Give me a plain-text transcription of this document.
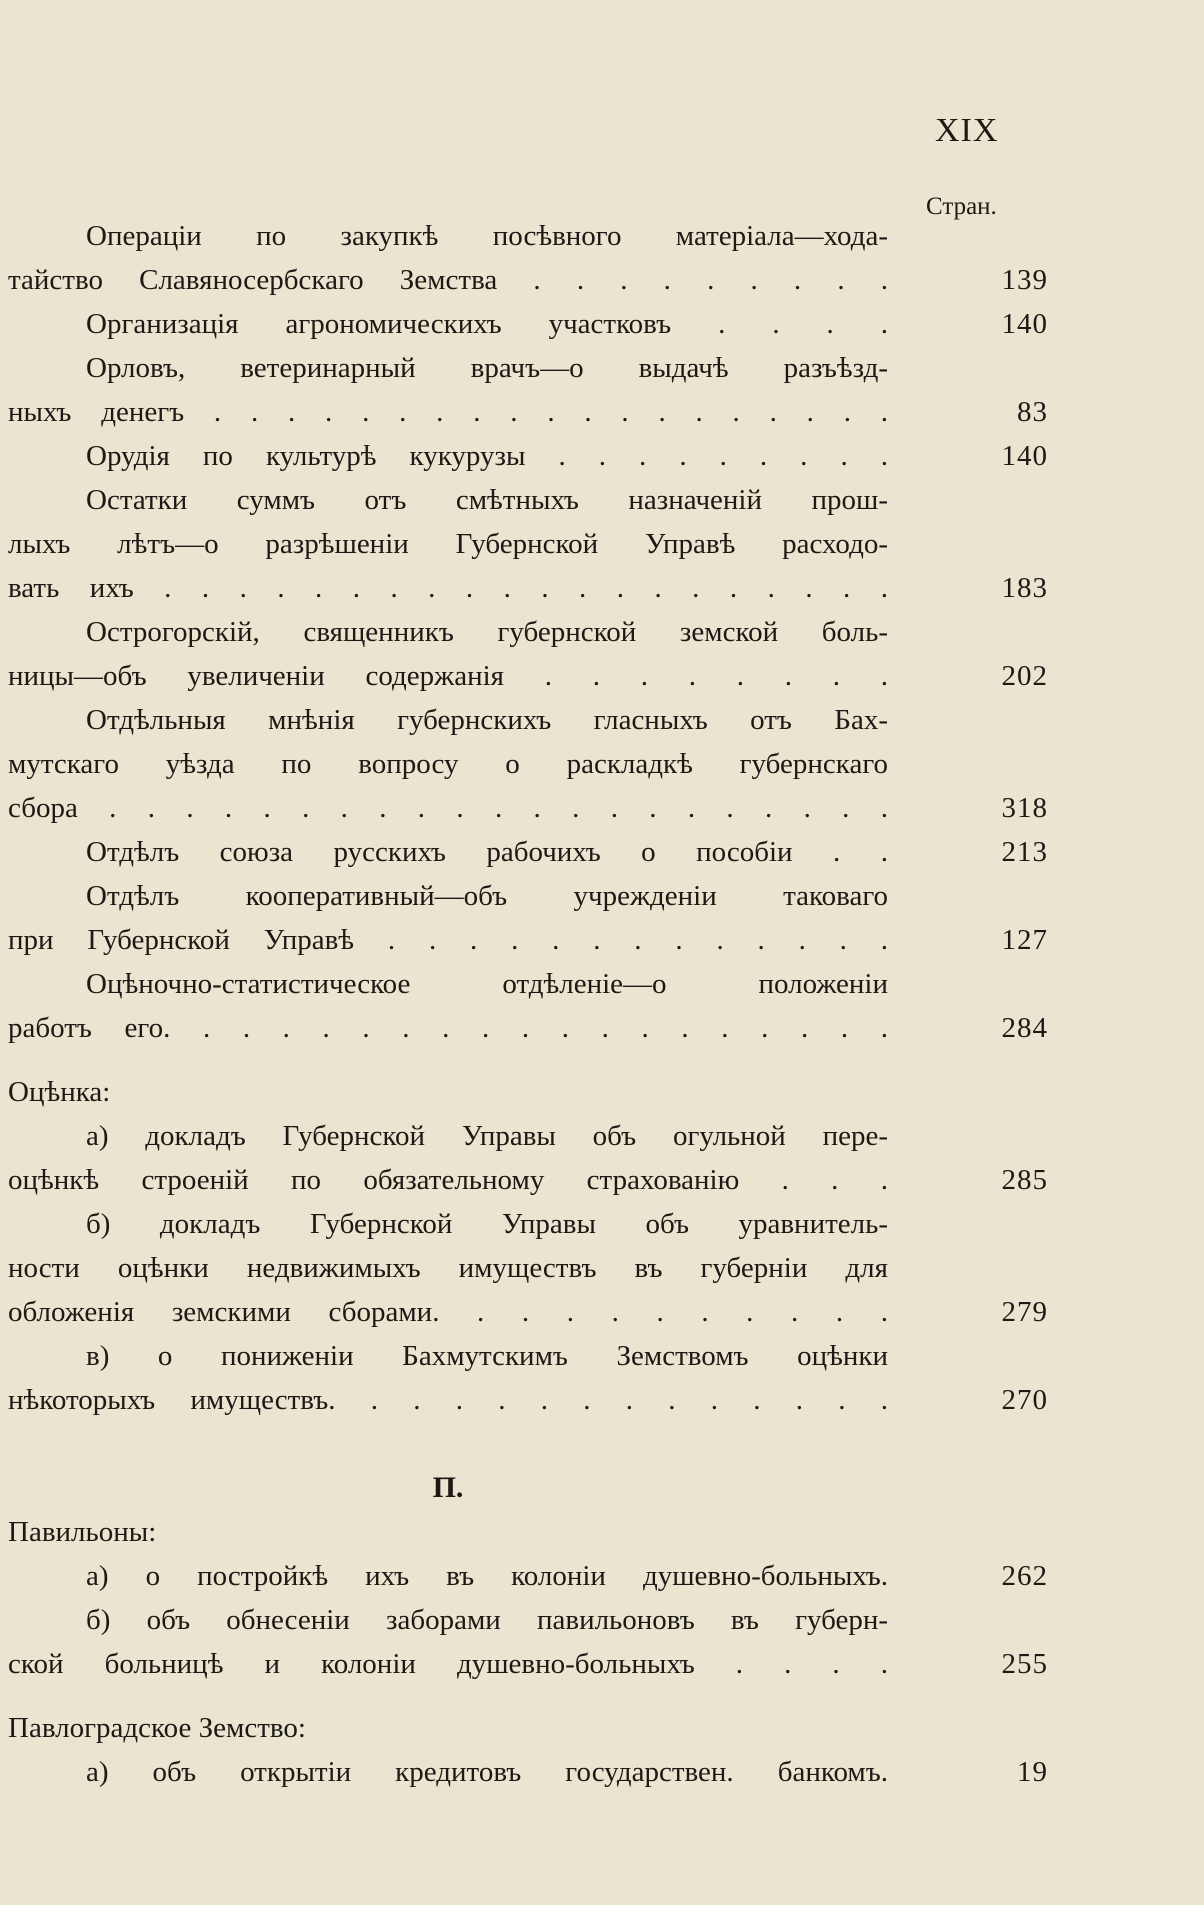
XIX
Стран.
Операціи по закупкѣ посѣвного матеріала—хода-
тайство Славяносербскаго Земства . . . . . . . . .	139
Организація агрономическихъ участковъ . . . .	140
Орловъ, ветеринарный врачъ—о выдачѣ разъѣзд-
ныхъ денегъ . . . . . . . . . . . . . . . . . . .	83
Орудія по культурѣ кукурузы . . . . . . . . .	140
Остатки суммъ отъ смѣтныхъ назначеній прош-
лыхъ лѣтъ—о разрѣшеніи Губернской Управѣ расходо-
вать ихъ . . . . . . . . . . . . . . . . . . . .	183
Острогорскій, священникъ губернской земской боль-
ницы—объ увеличеніи содержанія . . . . . . . .	202
Отдѣльныя мнѣнія губернскихъ гласныхъ отъ Бах-
мутскаго уѣзда по вопросу о раскладкѣ губернскаго
сбора . . . . . . . . . . . . . . . . . . . . .	318
Отдѣлъ союза русскихъ рабочихъ о пособіи . .	213
Отдѣлъ кооперативный—объ учрежденіи таковаго
при Губернской Управѣ . . . . . . . . . . . . .	127
Оцѣночно-статистическое отдѣленіе—о положеніи
работъ его. . . . . . . . . . . . . . . . . . .	284
Оцѣнка:
а) докладъ Губернской Управы объ огульной пере-
оцѣнкѣ строеній по обязательному страхованію . . .	285
б) докладъ Губернской Управы объ уравнитель-
ности оцѣнки недвижимыхъ имуществъ въ губерніи для
обложенія земскими сборами. . . . . . . . . . .	279
в) о пониженіи Бахмутскимъ Земствомъ оцѣнки
нѣкоторыхъ имуществъ. . . . . . . . . . . . . .	270
П.
Павильоны:
а) о постройкѣ ихъ въ колоніи душевно-больныхъ.	262
б) объ обнесеніи заборами павильоновъ въ губерн-
ской больницѣ и колоніи душевно-больныхъ . . . .	255
Павлоградское Земство:
а) объ открытіи кредитовъ государствен. банкомъ.	19
